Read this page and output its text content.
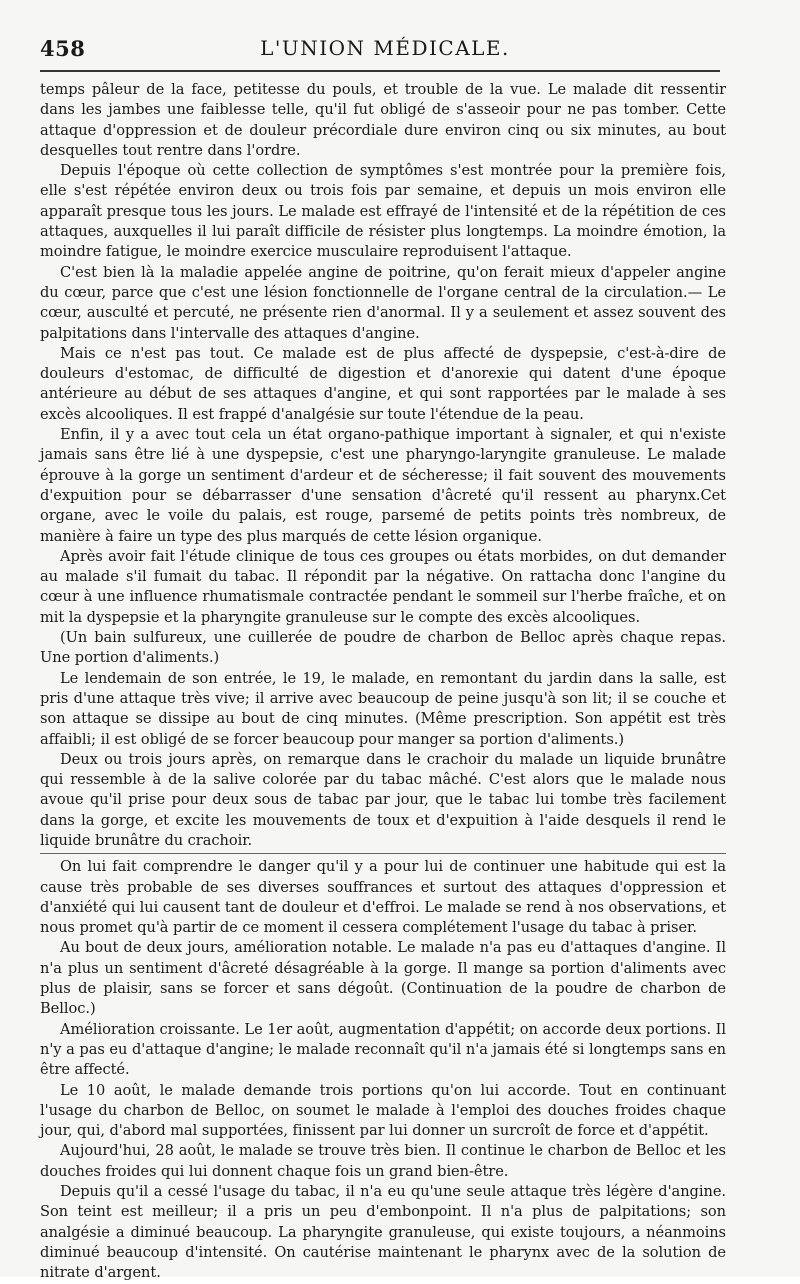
458	L'UNION MÉDICALE.

temps pâleur de la face, petitesse du pouls, et trouble de la vue. Le malade dit ressentir dans les jambes une faiblesse telle, qu'il fut obligé de s'asseoir pour ne pas tomber. Cette attaque d'oppression et de douleur précordiale dure environ cinq ou six minutes, au bout desquelles tout rentre dans l'ordre.

Depuis l'époque où cette collection de symptômes s'est montrée pour la première fois, elle s'est répétée environ deux ou trois fois par semaine, et depuis un mois environ elle apparaît presque tous les jours. Le malade est effrayé de l'intensité et de la répétition de ces attaques, auxquelles il lui paraît difficile de résister plus longtemps. La moindre émotion, la moindre fatigue, le moindre exercice musculaire reproduisent l'attaque.

C'est bien là la maladie appelée angine de poitrine, qu'on ferait mieux d'appeler angine du cœur, parce que c'est une lésion fonctionnelle de l'organe central de la circulation.— Le cœur, ausculté et percuté, ne présente rien d'anormal. Il y a seulement et assez souvent des palpitations dans l'intervalle des attaques d'angine.

Mais ce n'est pas tout. Ce malade est de plus affecté de dyspepsie, c'est-à-dire de douleurs d'estomac, de difficulté de digestion et d'anorexie qui datent d'une époque antérieure au début de ses attaques d'angine, et qui sont rapportées par le malade à ses excès alcooliques. Il est frappé d'analgésie sur toute l'étendue de la peau.

Enfin, il y a avec tout cela un état organo-pathique important à signaler, et qui n'existe jamais sans être lié à une dyspepsie, c'est une pharyngo-laryngite granuleuse. Le malade éprouve à la gorge un sentiment d'ardeur et de sécheresse; il fait souvent des mouvements d'expuition pour se débarrasser d'une sensation d'âcreté qu'il ressent au pharynx.Cet organe, avec le voile du palais, est rouge, parsemé de petits points très nombreux, de manière à faire un type des plus marqués de cette lésion organique.

Après avoir fait l'étude clinique de tous ces groupes ou états morbides, on dut demander au malade s'il fumait du tabac. Il répondit par la négative. On rattacha donc l'angine du cœur à une influence rhumatismale contractée pendant le sommeil sur l'herbe fraîche, et on mit la dyspepsie et la pharyngite granuleuse sur le compte des excès alcooliques.

(Un bain sulfureux, une cuillerée de poudre de charbon de Belloc après chaque repas. Une portion d'aliments.)

Le lendemain de son entrée, le 19, le malade, en remontant du jardin dans la salle, est pris d'une attaque très vive; il arrive avec beaucoup de peine jusqu'à son lit; il se couche et son attaque se dissipe au bout de cinq minutes. (Même prescription. Son appétit est très affaibli; il est obligé de se forcer beaucoup pour manger sa portion d'aliments.)

Deux ou trois jours après, on remarque dans le crachoir du malade un liquide brunâtre qui ressemble à de la salive colorée par du tabac mâché. C'est alors que le malade nous avoue qu'il prise pour deux sous de tabac par jour, que le tabac lui tombe très facilement dans la gorge, et excite les mouvements de toux et d'expuition à l'aide desquels il rend le liquide brunâtre du crachoir.

On lui fait comprendre le danger qu'il y a pour lui de continuer une habitude qui est la cause très probable de ses diverses souffrances et surtout des attaques d'oppression et d'anxiété qui lui causent tant de douleur et d'effroi. Le malade se rend à nos observations, et nous promet qu'à partir de ce moment il cessera complétement l'usage du tabac à priser.

Au bout de deux jours, amélioration notable. Le malade n'a pas eu d'attaques d'angine. Il n'a plus un sentiment d'âcreté désagréable à la gorge. Il mange sa portion d'aliments avec plus de plaisir, sans se forcer et sans dégoût. (Continuation de la poudre de charbon de Belloc.)

Amélioration croissante. Le 1er août, augmentation d'appétit; on accorde deux portions. Il n'y a pas eu d'attaque d'angine; le malade reconnaît qu'il n'a jamais été si longtemps sans en être affecté.

Le 10 août, le malade demande trois portions qu'on lui accorde. Tout en continuant l'usage du charbon de Belloc, on soumet le malade à l'emploi des douches froides chaque jour, qui, d'abord mal supportées, finissent par lui donner un surcroît de force et d'appétit.

Aujourd'hui, 28 août, le malade se trouve très bien. Il continue le charbon de Belloc et les douches froides qui lui donnent chaque fois un grand bien-être.

Depuis qu'il a cessé l'usage du tabac, il n'a eu qu'une seule attaque très légère d'angine. Son teint est meilleur; il a pris un peu d'embonpoint. Il n'a plus de palpitations; son analgésie a diminué beaucoup. La pharyngite granuleuse, qui existe toujours, a néanmoins diminué beaucoup d'intensité. On cautérise maintenant le pharynx avec de la solution de nitrate d'argent.
